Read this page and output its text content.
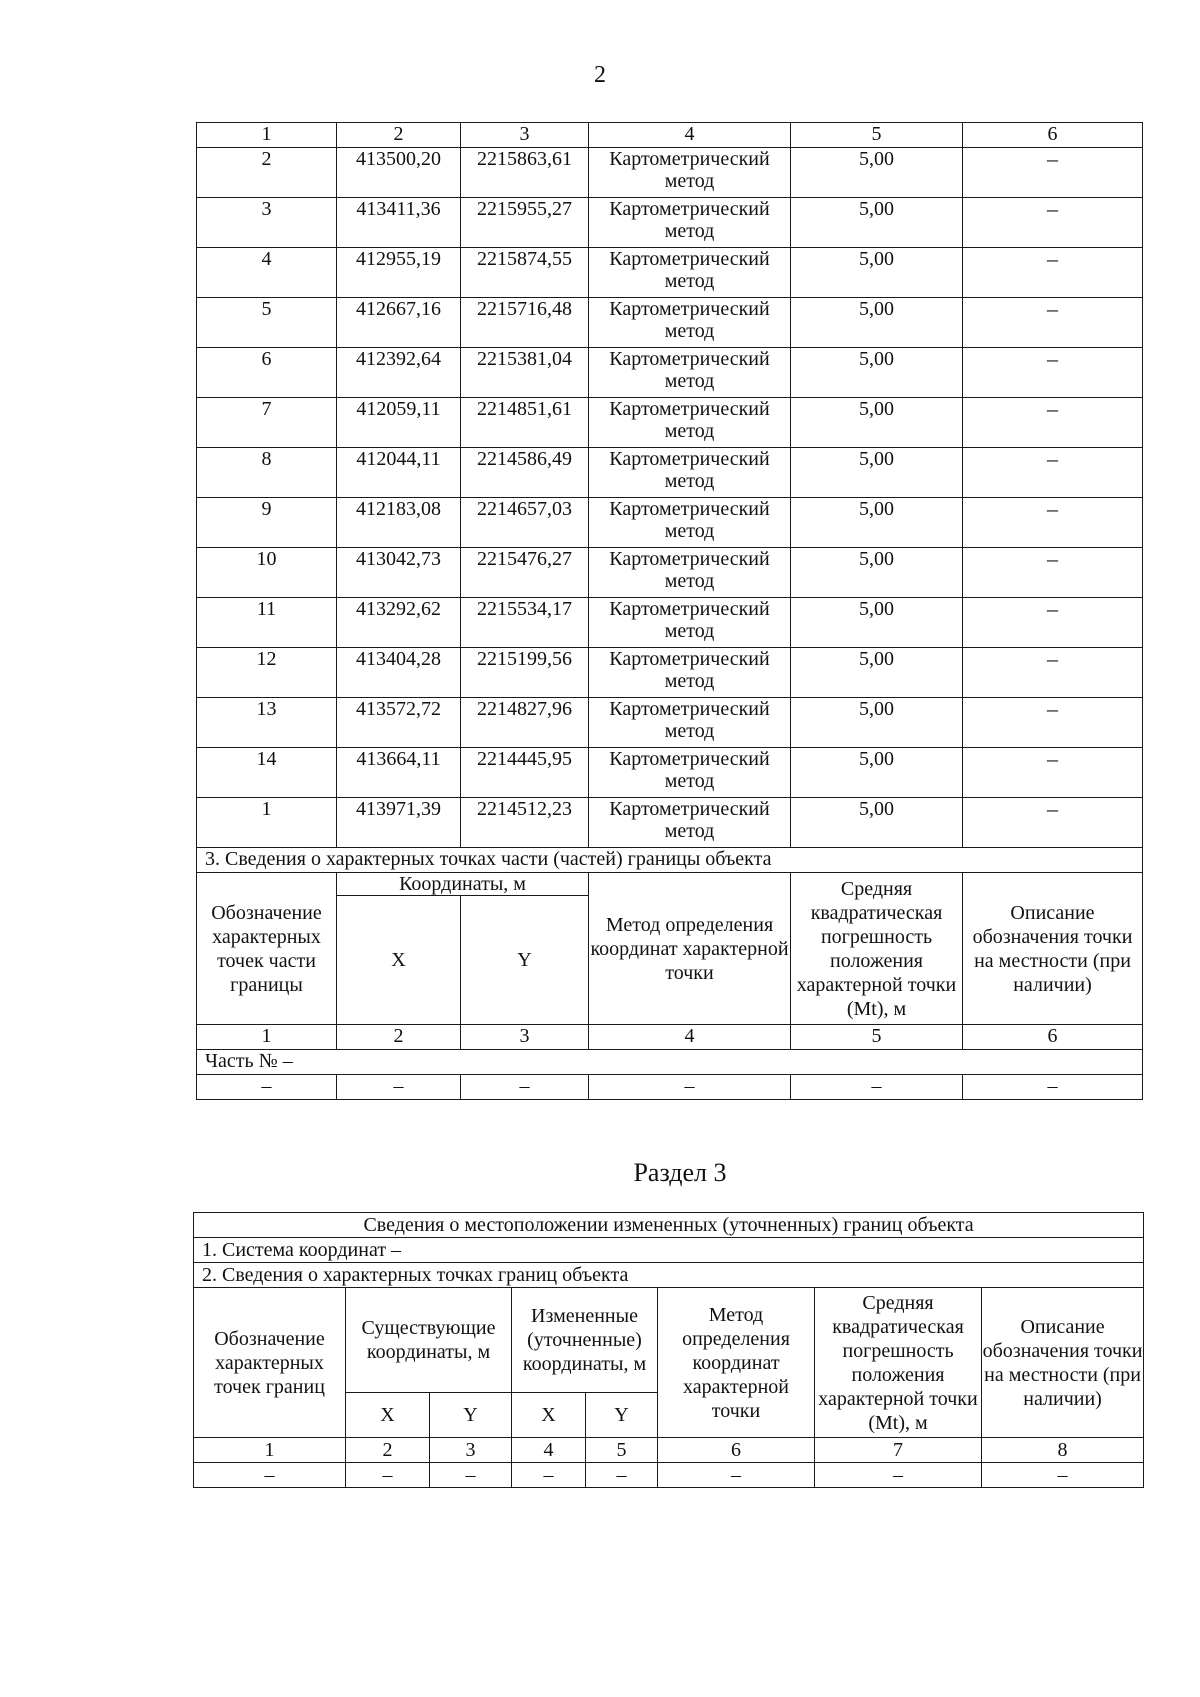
2
1	2	3	4	5	6
2	413500,20	2215863,61	Картометрический метод	5,00	–
3	413411,36	2215955,27	Картометрический метод	5,00	–
4	412955,19	2215874,55	Картометрический метод	5,00	–
5	412667,16	2215716,48	Картометрический метод	5,00	–
6	412392,64	2215381,04	Картометрический метод	5,00	–
7	412059,11	2214851,61	Картометрический метод	5,00	–
8	412044,11	2214586,49	Картометрический метод	5,00	–
9	412183,08	2214657,03	Картометрический метод	5,00	–
10	413042,73	2215476,27	Картометрический метод	5,00	–
11	413292,62	2215534,17	Картометрический метод	5,00	–
12	413404,28	2215199,56	Картометрический метод	5,00	–
13	413572,72	2214827,96	Картометрический метод	5,00	–
14	413664,11	2214445,95	Картометрический метод	5,00	–
1	413971,39	2214512,23	Картометрический метод	5,00	–
3. Сведения о характерных точках части (частей) границы объекта					
Обозначение характерных точек части границы	Координаты, м		Метод определения координат характерной точки	Средняя квадратическая погрешность положения характерной точки (Mt), м	Описание обозначения точки на местности (при наличии)
	X	Y			
1	2	3	4	5	6
Часть № –					
–	–	–	–	–	–
Раздел 3
Сведения о местоположении измененных (уточненных) границ объекта							
1. Система координат –							
2. Сведения о характерных точках границ объекта							
Обозначение характерных точек границ	Существующие координаты, м		Измененные (уточненные) координаты, м		Метод определения координат характерной точки	Средняя квадратическая погрешность положения характерной точки (Mt), м	Описание обозначения точки на местности (при наличии)
	X	Y	X	Y			
1	2	3	4	5	6	7	8
–	–	–	–	–	–	–	–
